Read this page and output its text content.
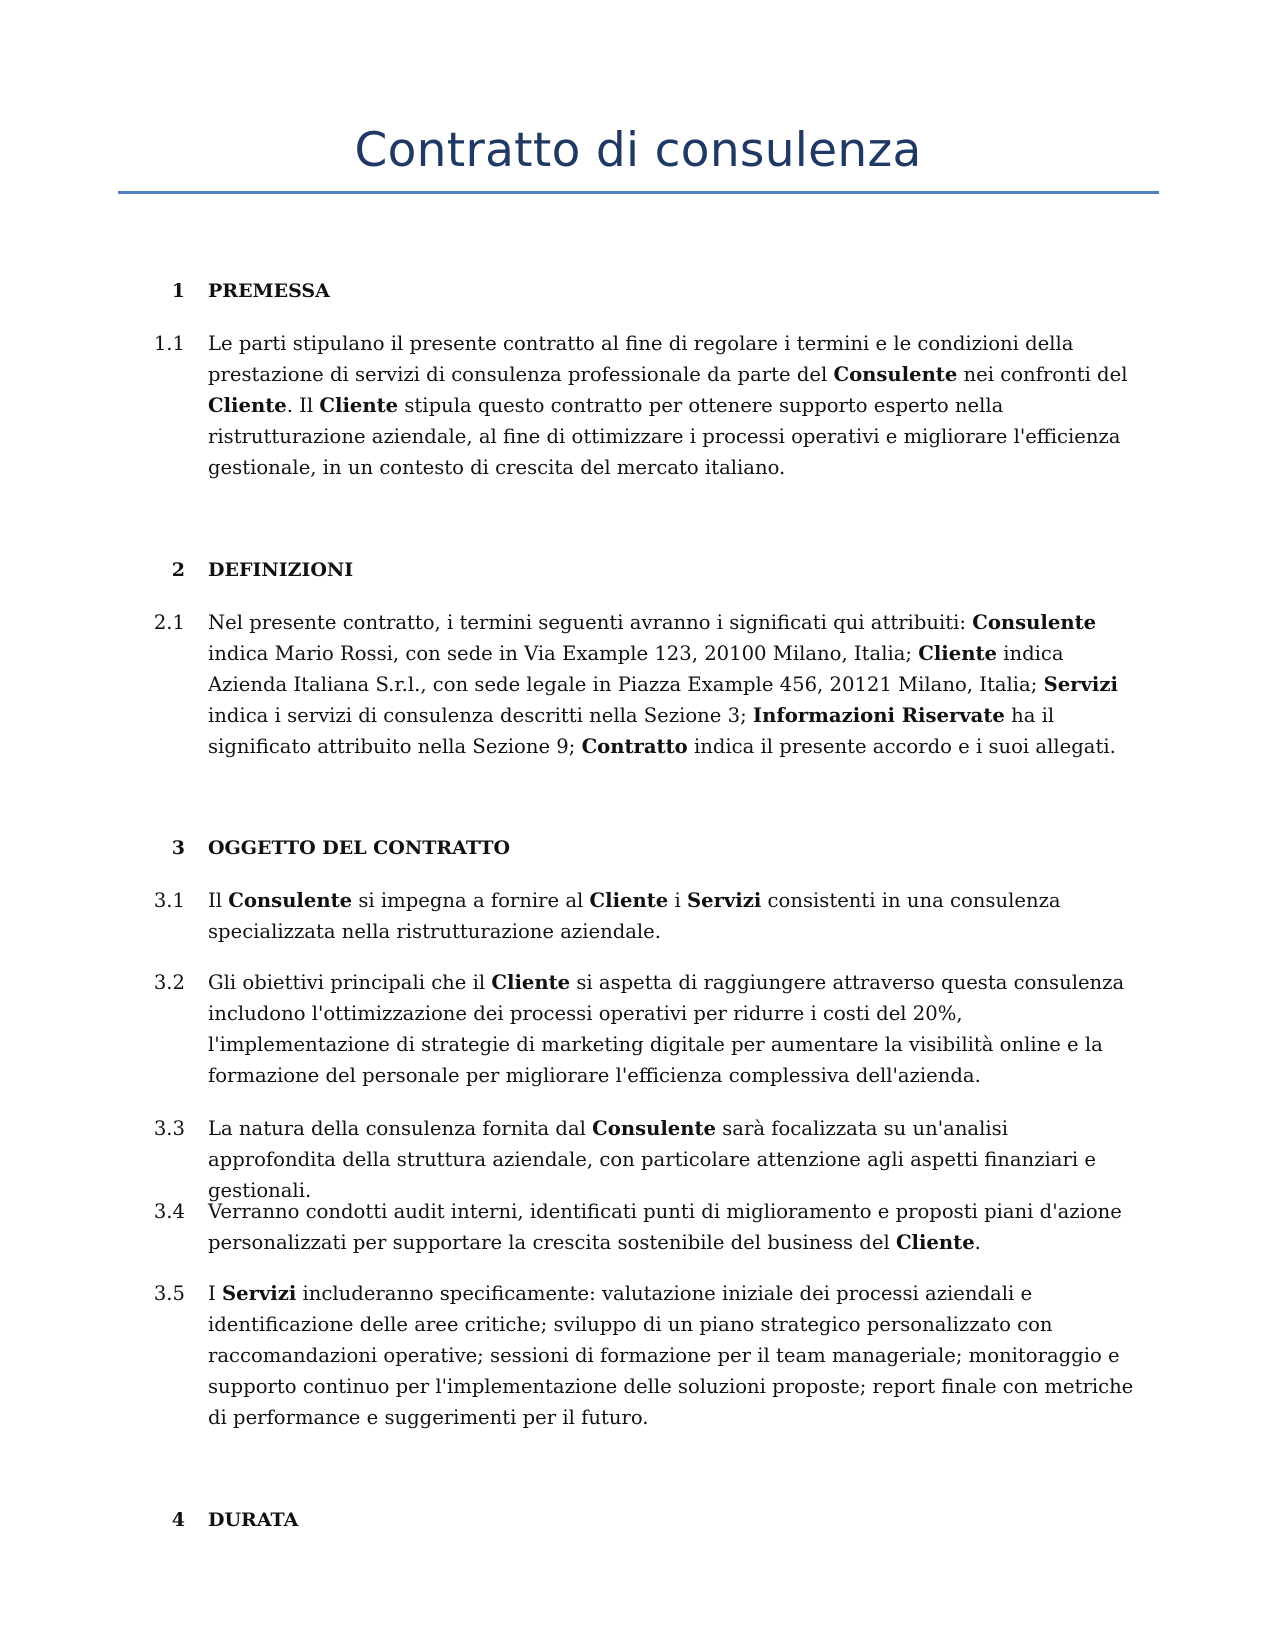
Contratto di consulenza
1 PREMESSA
1.1 Le parti stipulano il presente contratto al fine di regolare i termini e le condizioni della prestazione di servizi di consulenza professionale da parte del Consulente nei confronti del Cliente. Il Cliente stipula questo contratto per ottenere supporto esperto nella ristrutturazione aziendale, al fine di ottimizzare i processi operativi e migliorare l'efficienza gestionale, in un contesto di crescita del mercato italiano.
2 DEFINIZIONI
2.1 Nel presente contratto, i termini seguenti avranno i significati qui attribuiti: Consulente indica Mario Rossi, con sede in Via Example 123, 20100 Milano, Italia; Cliente indica Azienda Italiana S.r.l., con sede legale in Piazza Example 456, 20121 Milano, Italia; Servizi indica i servizi di consulenza descritti nella Sezione 3; Informazioni Riservate ha il significato attribuito nella Sezione 9; Contratto indica il presente accordo e i suoi allegati.
3 OGGETTO DEL CONTRATTO
3.1 Il Consulente si impegna a fornire al Cliente i Servizi consistenti in una consulenza specializzata nella ristrutturazione aziendale.
3.2 Gli obiettivi principali che il Cliente si aspetta di raggiungere attraverso questa consulenza includono l'ottimizzazione dei processi operativi per ridurre i costi del 20%, l'implementazione di strategie di marketing digitale per aumentare la visibilità online e la formazione del personale per migliorare l'efficienza complessiva dell'azienda.
3.3 La natura della consulenza fornita dal Consulente sarà focalizzata su un'analisi approfondita della struttura aziendale, con particolare attenzione agli aspetti finanziari e gestionali.
3.4 Verranno condotti audit interni, identificati punti di miglioramento e proposti piani d'azione personalizzati per supportare la crescita sostenibile del business del Cliente.
3.5 I Servizi includeranno specificamente: valutazione iniziale dei processi aziendali e identificazione delle aree critiche; sviluppo di un piano strategico personalizzato con raccomandazioni operative; sessioni di formazione per il team manageriale; monitoraggio e supporto continuo per l'implementazione delle soluzioni proposte; report finale con metriche di performance e suggerimenti per il futuro.
4 DURATA
